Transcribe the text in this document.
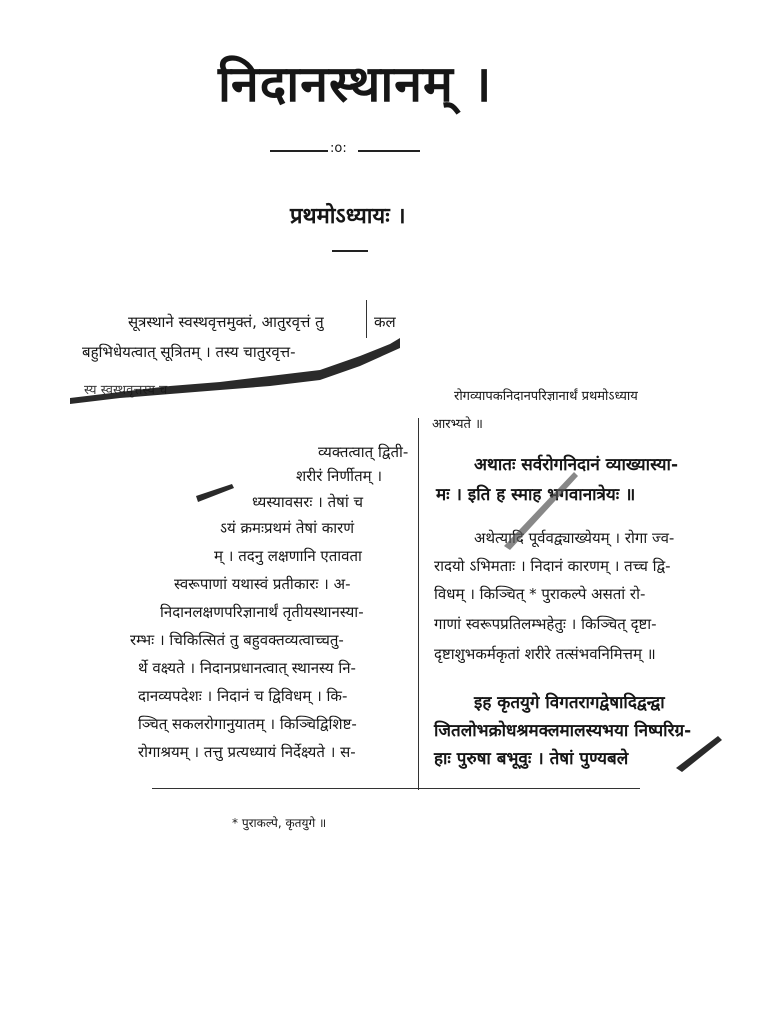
निदानस्थानम् ।
:o:
प्रथमोऽध्यायः ।
सूत्रस्थाने स्वस्थवृत्तमुक्तं, आतुरवृत्तं तु	कल
बहुभिधेयत्वात् सूत्रितम् । तस्य चातुरवृत्त-
स्य स्वस्थवृत्तस्य च
व्यक्तत्वात् द्विती-
शरीरं निर्णीतम् ।
ध्यस्यावसरः । तेषां च
ऽयं क्रमःप्रथमं तेषां कारणं
म् । तदनु लक्षणानि एतावता
स्वरूपाणां यथास्वं प्रतीकारः । अ-
निदानलक्षणपरिज्ञानार्थं तृतीयस्थानस्या-
रम्भः । चिकित्सितं तु बहुवक्तव्यत्वाच्चतु-
र्थे वक्ष्यते । निदानप्रधानत्वात् स्थानस्य नि-
दानव्यपदेशः । निदानं च द्विविधम् । कि-
ञ्चित् सकलरोगानुयातम् । किञ्चिद्विशिष्ट-
रोगाश्रयम् । तत्तु प्रत्यध्यायं निर्देक्ष्यते । स-
रोगव्यापकनिदानपरिज्ञानार्थं प्रथमोऽध्याय
आरभ्यते ॥
अथातः सर्वरोगनिदानं व्याख्यास्या-
मः । इति ह स्माह भगवानात्रेयः ॥
अथेत्यादि पूर्ववद्व्याख्येयम् । रोगा ज्व-
रादयो ऽभिमताः । निदानं कारणम् । तच्च द्वि-
विधम् । किञ्चित् * पुराकल्पे असतां रो-
गाणां स्वरूपप्रतिलम्भहेतुः । किञ्चित् दृष्टा-
दृष्टाशुभकर्मकृतां शरीरे तत्संभवनिमित्तम् ॥
इह कृतयुगे विगतरागद्वेषादिद्वन्द्वा
जितलोभक्रोधश्रमक्लमालस्यभया निष्परिग्र-
हाः पुरुषा बभूवुः । तेषां पुण्यबले
* पुराकल्पे, कृतयुगे ॥
